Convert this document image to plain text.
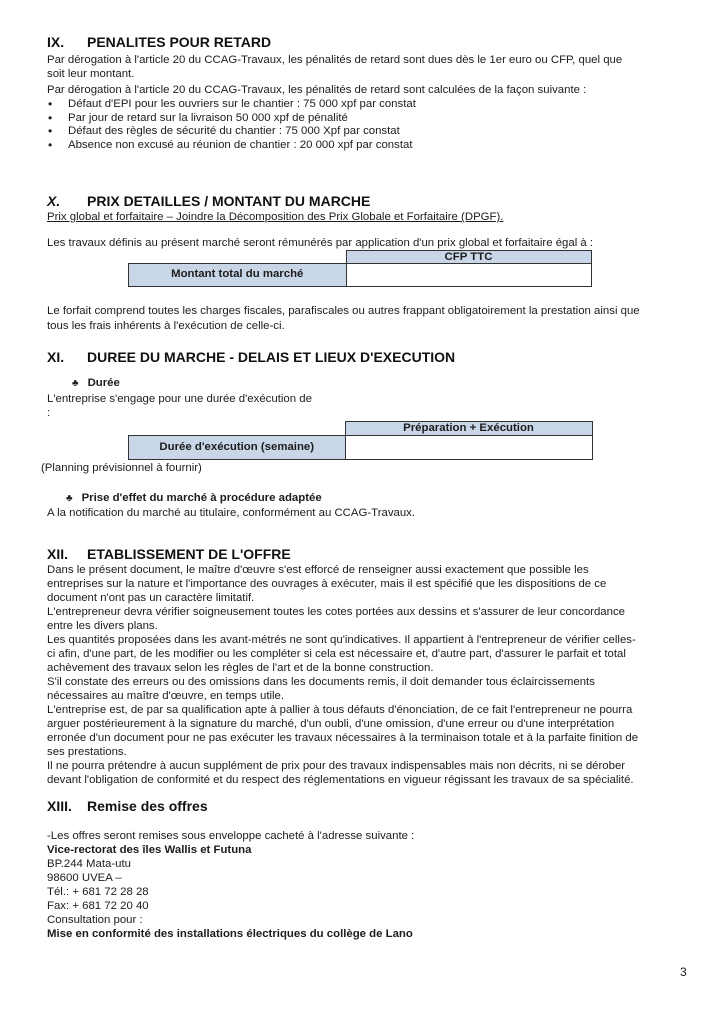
IX. PENALITES POUR RETARD
Par dérogation à l'article 20 du CCAG-Travaux, les pénalités de retard sont dues dès le 1er euro ou CFP, quel que
soit leur montant.
Par dérogation à l'article 20 du CCAG-Travaux, les pénalités de retard sont calculées de la façon suivante :
• Défaut d'EPI pour les ouvriers sur le chantier : 75 000 xpf par constat
• Par jour de retard sur la livraison 50 000 xpf de pénalité
• Défaut des règles de sécurité du chantier : 75 000 Xpf par constat
• Absence non excusé au réunion de chantier : 20 000 xpf par constat
X. PRIX DETAILLES / MONTANT DU MARCHE
Prix global et forfaitaire – Joindre la Décomposition des Prix Globale et Forfaitaire (DPGF).
Les travaux définis au présent marché seront rémunérés par application d'un prix global et forfaitaire égal à :
	CFP TTC
Montant total du marché	
Le forfait comprend toutes les charges fiscales, parafiscales ou autres frappant obligatoirement la prestation ainsi que
tous les frais inhérents à l'exécution de celle-ci.
XI. DUREE DU MARCHE - DELAIS ET LIEUX D'EXECUTION
♣ Durée
L'entreprise s'engage pour une durée d'exécution de
:
	Préparation + Exécution
Durée d'exécution (semaine)	
(Planning prévisionnel à fournir)
♣ Prise d'effet du marché à procédure adaptée
A la notification du marché au titulaire, conformément au CCAG-Travaux.
XII. ETABLISSEMENT DE L'OFFRE
Dans le présent document, le maître d'œuvre s'est efforcé de renseigner aussi exactement que possible les
entreprises sur la nature et l'importance des ouvrages à exécuter, mais il est spécifié que les dispositions de ce
document n'ont pas un caractère limitatif.
L'entrepreneur devra vérifier soigneusement toutes les cotes portées aux dessins et s'assurer de leur concordance
entre les divers plans.
Les quantités proposées dans les avant-métrés ne sont qu'indicatives. Il appartient à l'entrepreneur de vérifier celles-
ci afin, d'une part, de les modifier ou les compléter si cela est nécessaire et, d'autre part, d'assurer le parfait et total
achèvement des travaux selon les règles de l'art et de la bonne construction.
S'il constate des erreurs ou des omissions dans les documents remis, il doit demander tous éclaircissements
nécessaires au maître d'œuvre, en temps utile.
L'entreprise est, de par sa qualification apte à pallier à tous défauts d'énonciation, de ce fait l'entrepreneur ne pourra
arguer postérieurement à la signature du marché, d'un oubli, d'une omission, d'une erreur ou d'une interprétation
erronée d'un document pour ne pas exécuter les travaux nécessaires à la terminaison totale et à la parfaite finition de
ses prestations.
Il ne pourra prétendre à aucun supplément de prix pour des travaux indispensables mais non décrits, ni se dérober
devant l'obligation de conformité et du respect des réglementations en vigueur régissant les travaux de sa spécialité.
XIII. Remise des offres
-Les offres seront remises sous enveloppe cacheté à l'adresse suivante :
Vice-rectorat des îles Wallis et Futuna
BP.244 Mata-utu
98600 UVEA –
Tél.: + 681 72 28 28
Fax: + 681 72 20 40
Consultation pour :
Mise en conformité des installations électriques du collège de Lano
3
